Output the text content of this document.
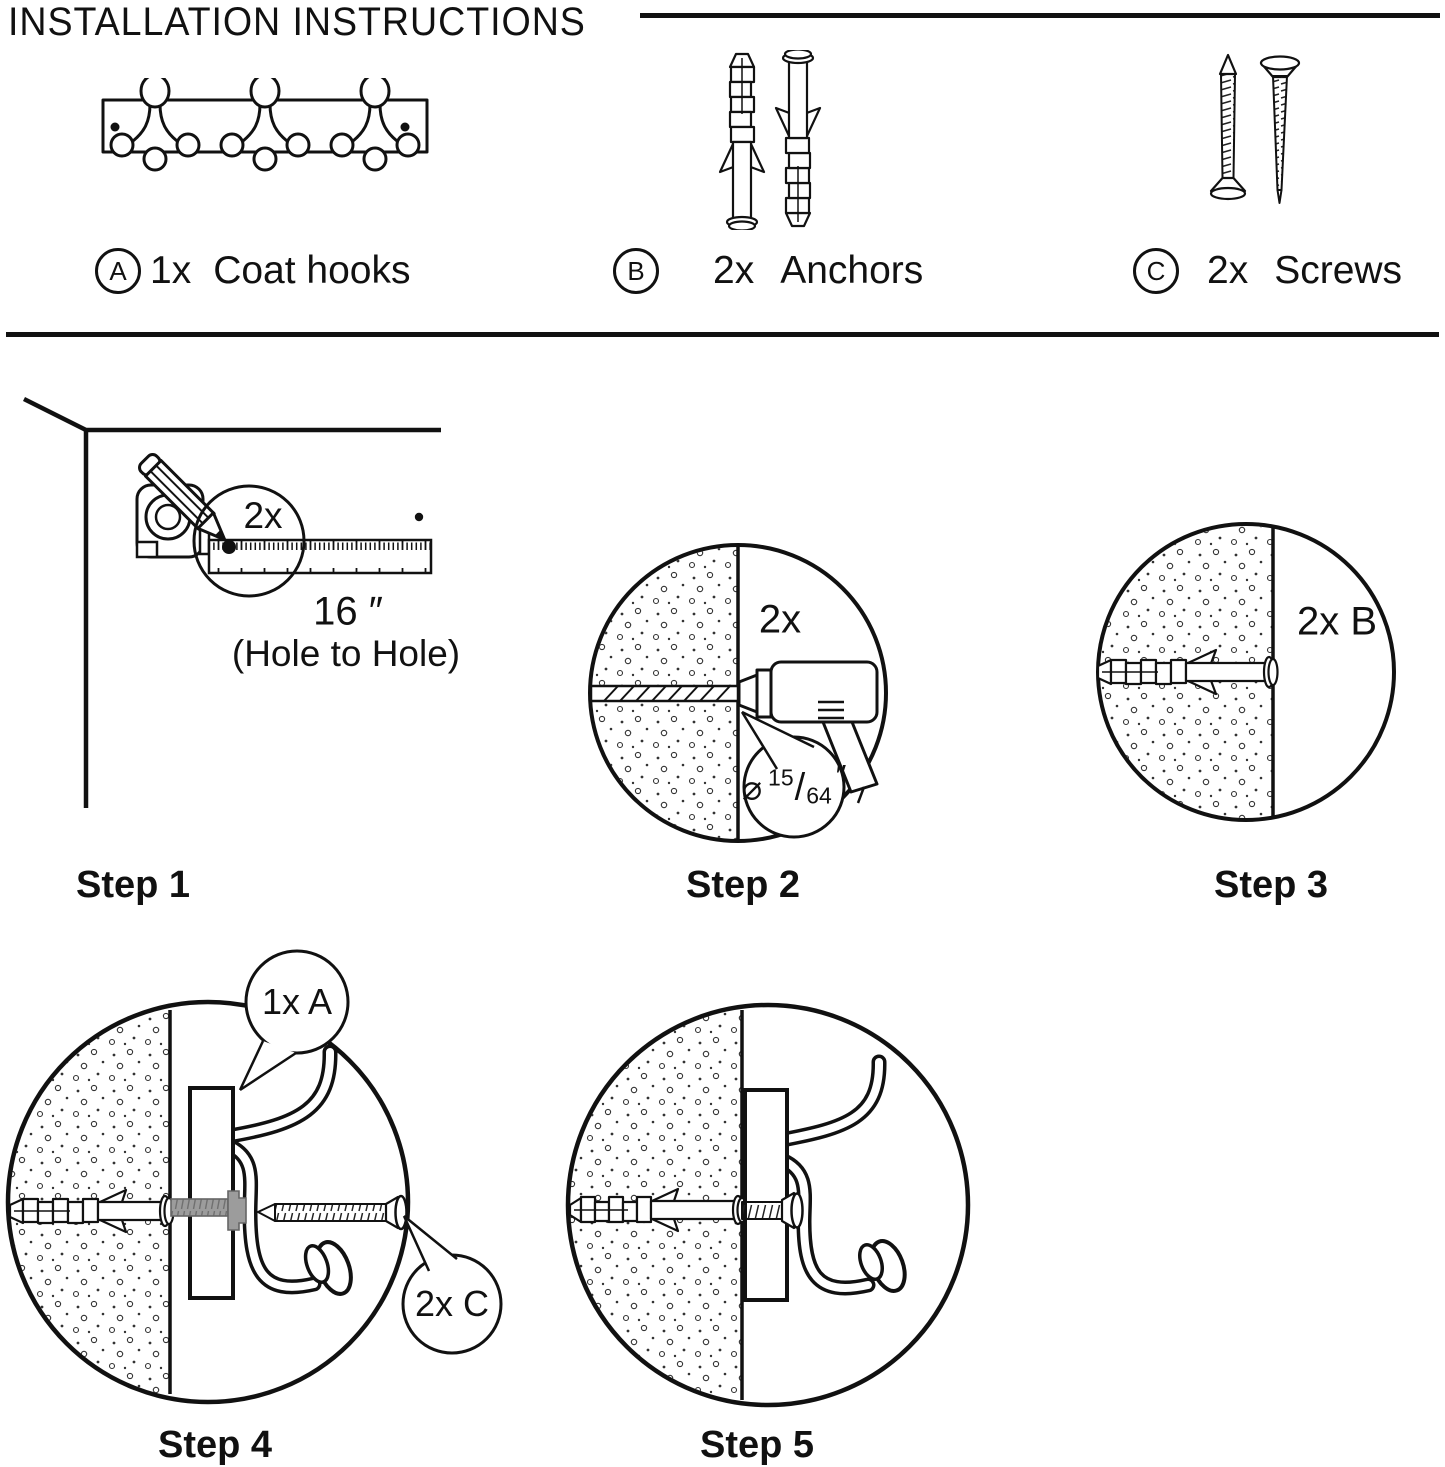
INSTALLATION INSTRUCTIONS
A 1x Coat hooks	B	2x Anchors	C	2x Screws
2x
16 ″
(Hole to Hole)
Step 1
2x
⌀ 15 / 64
″
Step 2
2x B
Step 3
1x A
2x C
Step 4	Step 5
